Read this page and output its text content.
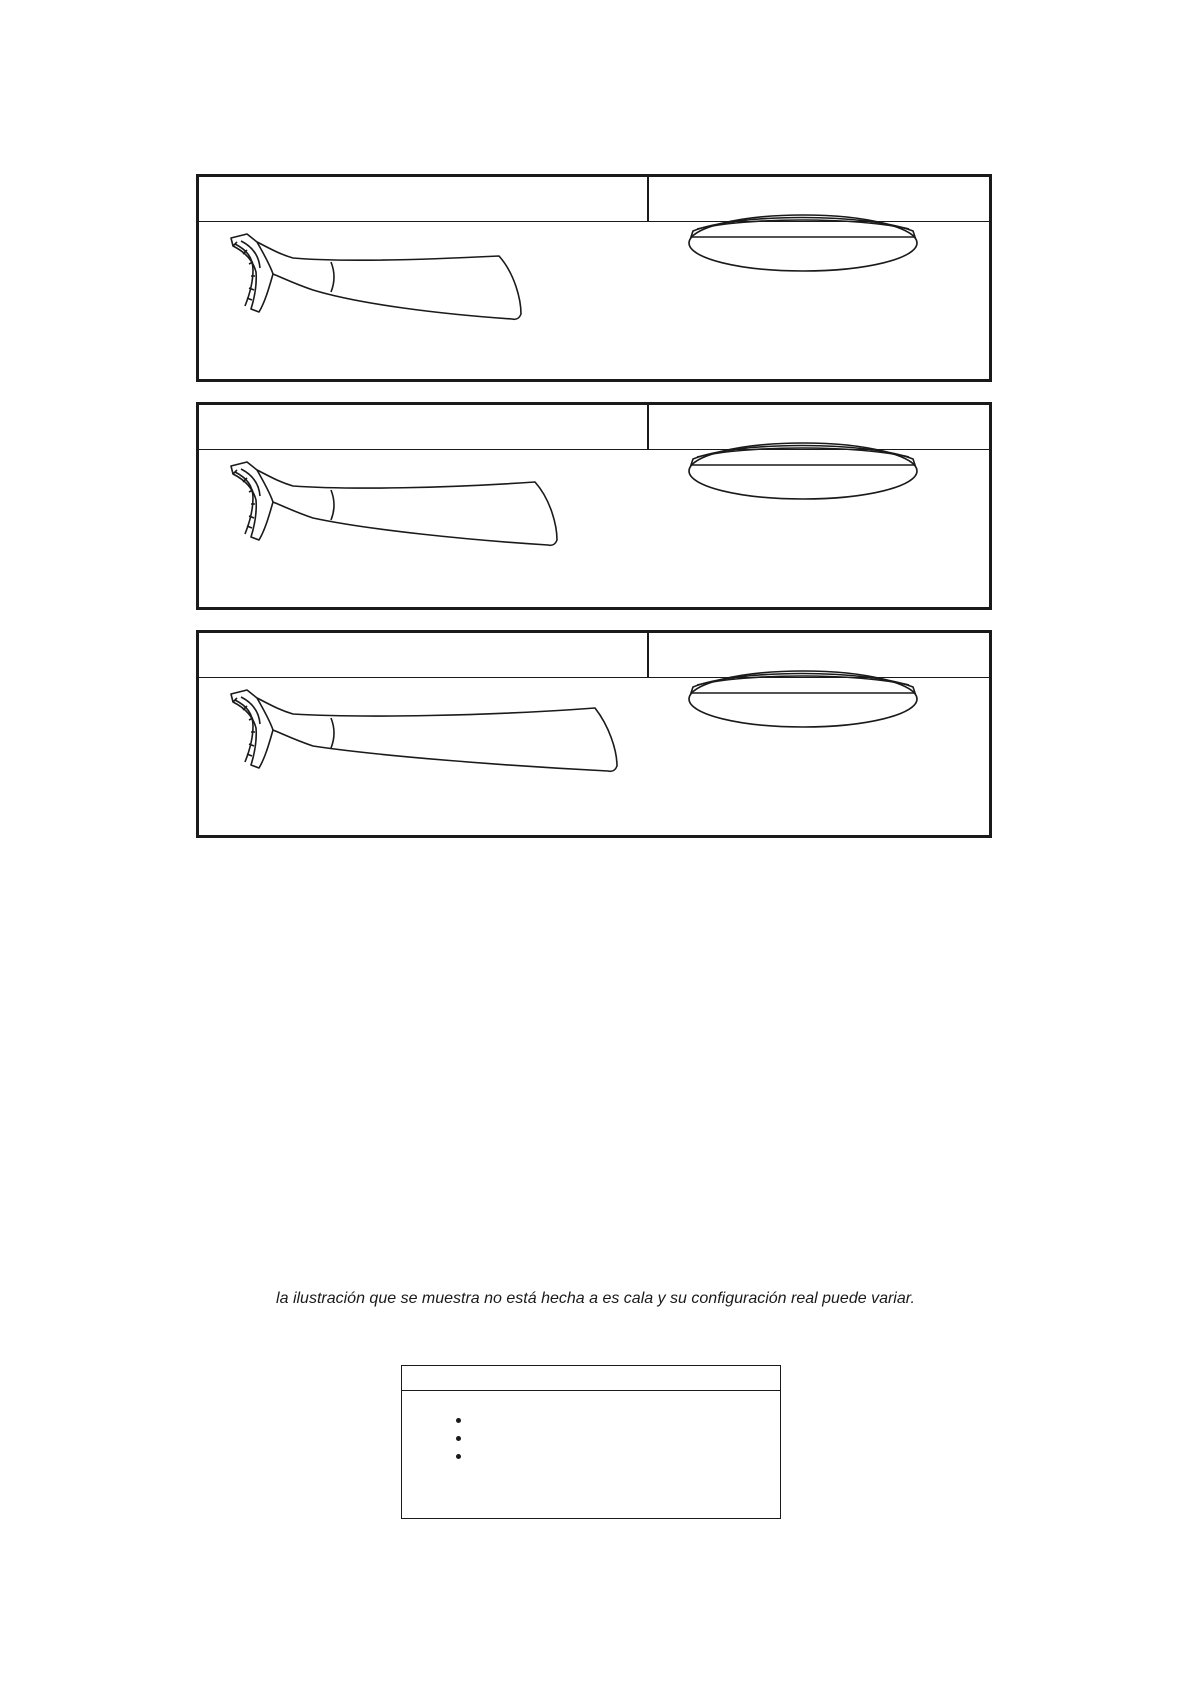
la ilustración que se muestra no está hecha a es cala y su configuración real puede variar.
